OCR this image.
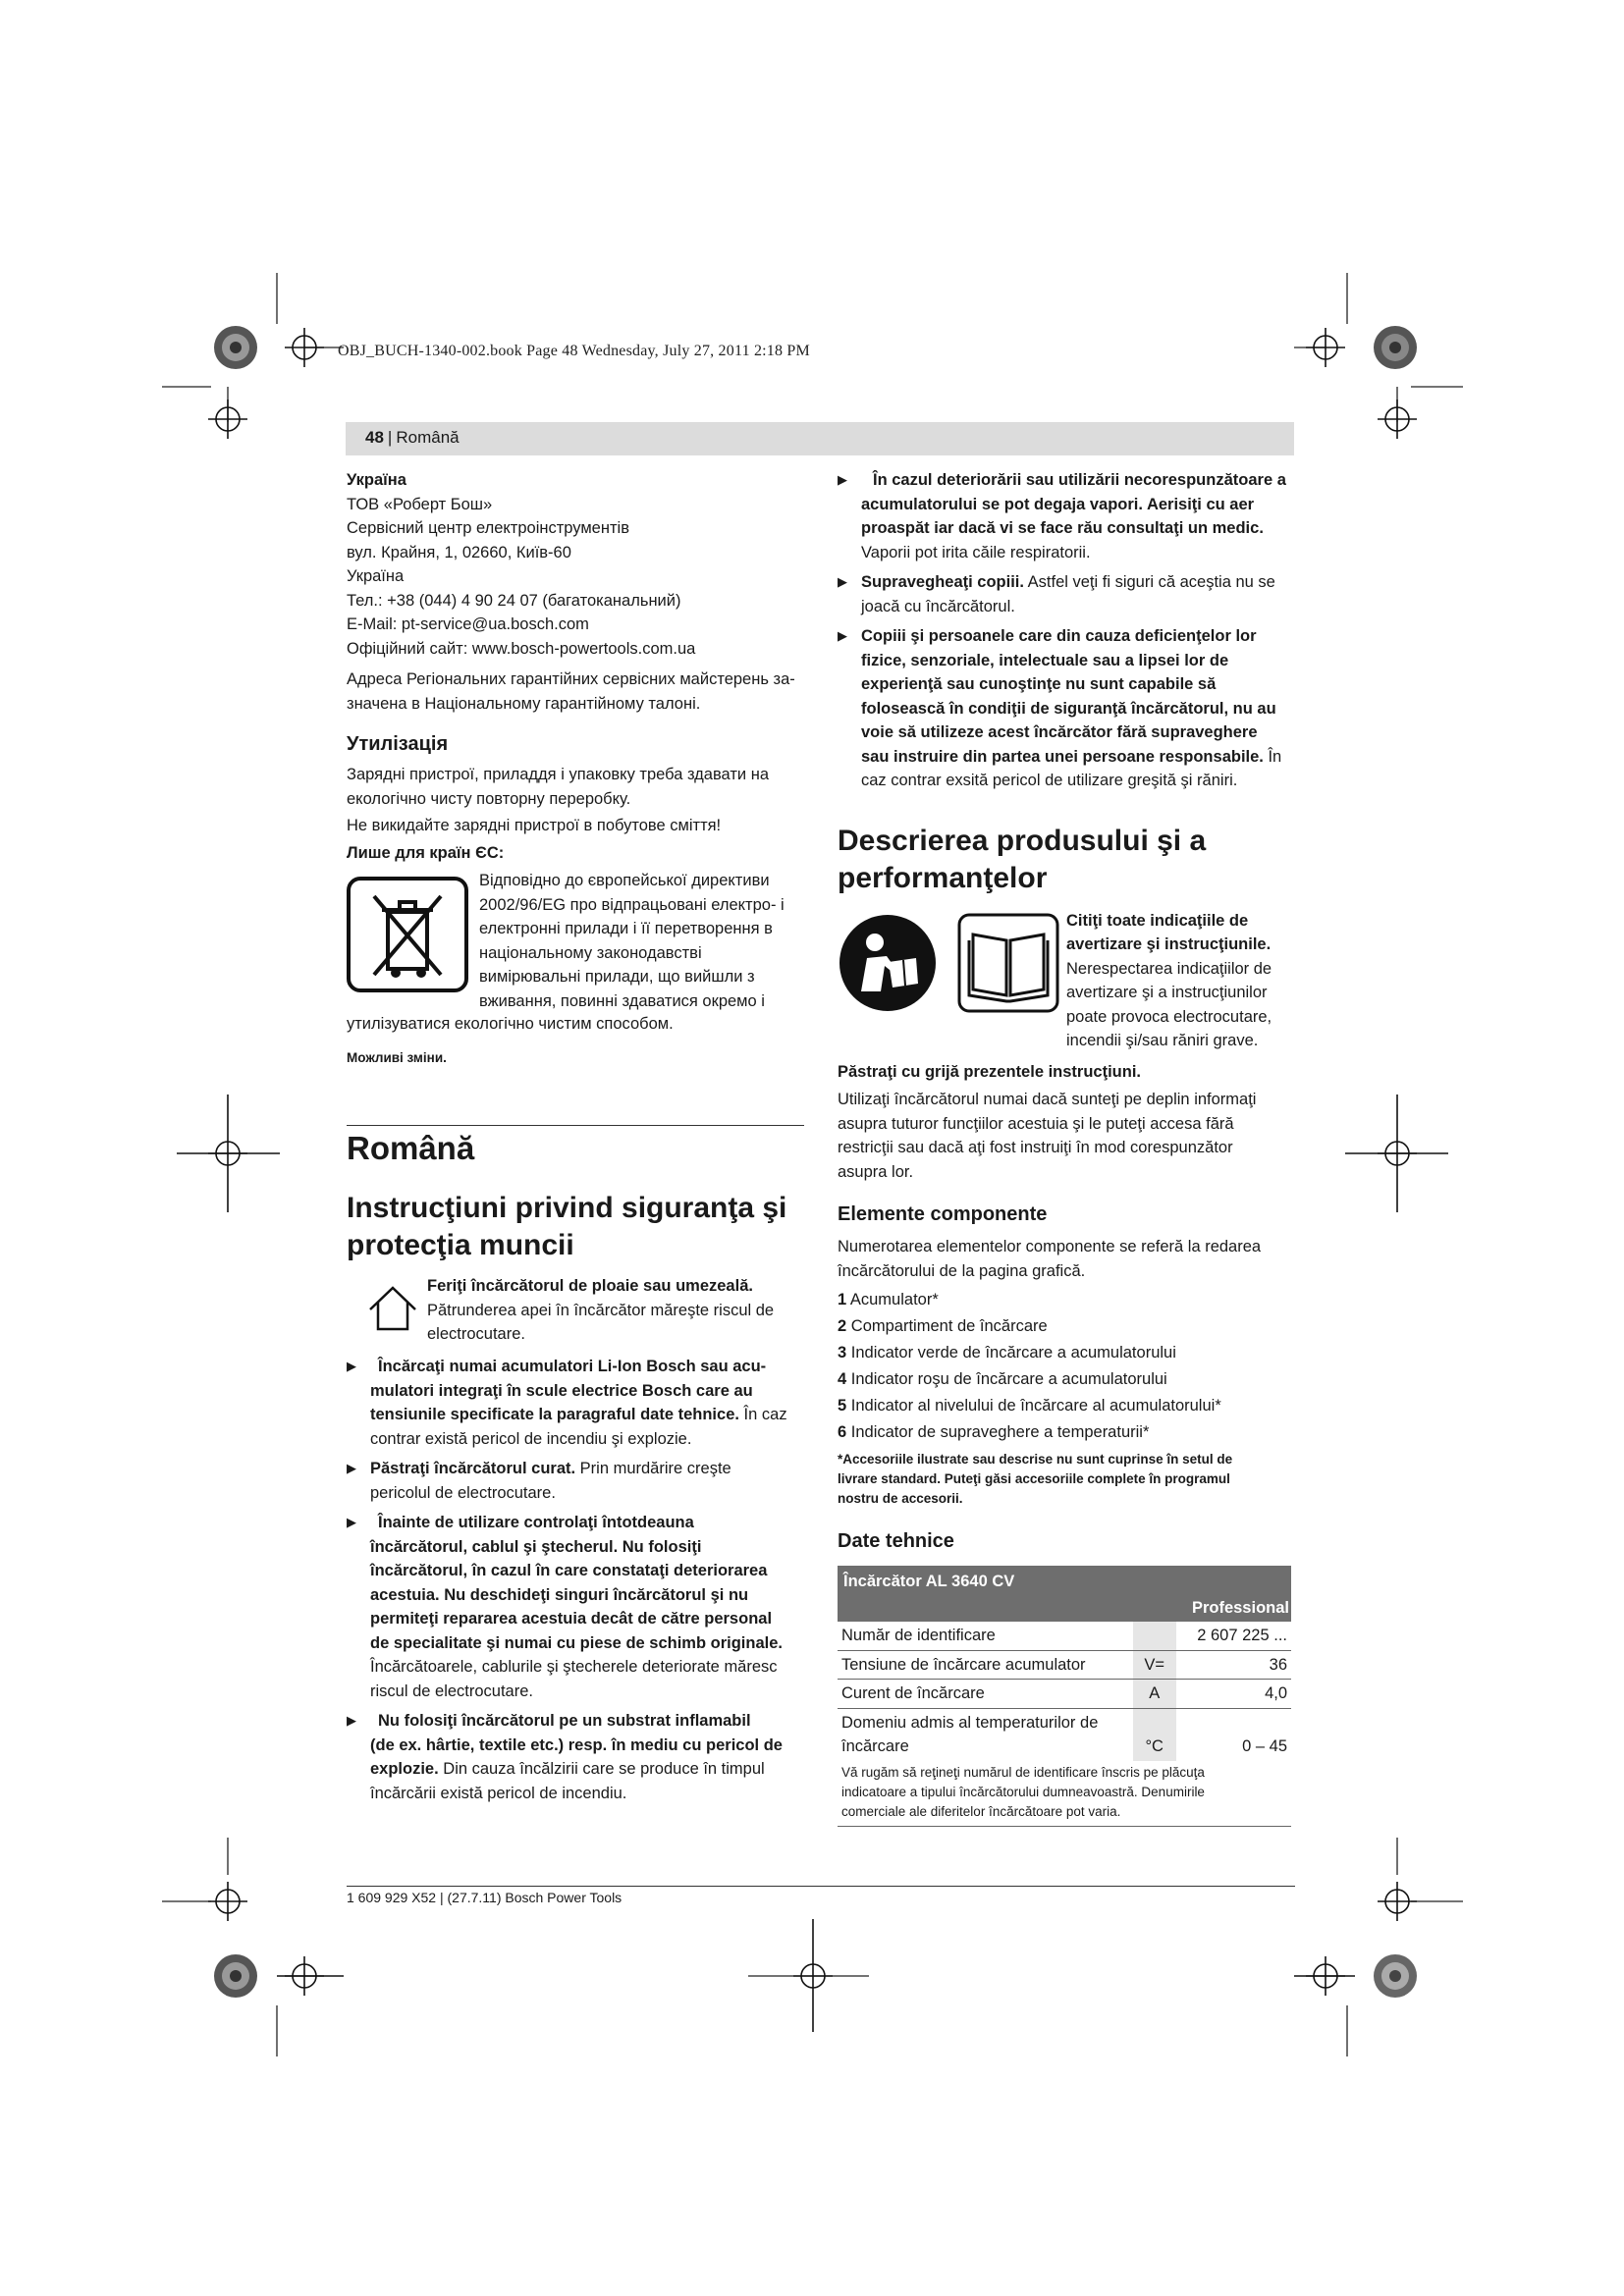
OBJ_BUCH-1340-002.book Page 48 Wednesday, July 27, 2011 2:18 PM
48 | Română

Україна

ТОВ «Роберт Бош»

Сервісний центр електроінструментів

вул. Крайня, 1, 02660, Київ-60

Україна

Тел.: +38 (044) 4 90 24 07 (багатоканальний)

E-Mail: pt-service@ua.bosch.com

Офіційний сайт: www.bosch-powertools.com.ua

Адреса Регіональних гарантійних сервісних майстерень за-

значена в Національному гарантійному талоні.

Утилізація

Зарядні пристрої, приладдя і упаковку треба здавати на

екологічно чисту повторну переробку.

Не викидайте зарядні пристрої в побутове сміття!

Лише для країн ЄС:

Відповідно до європейської директиви

2002/96/EG про відпрацьовані електро- і

електронні прилади і її перетворення в

національному законодавстві

вимірювальні прилади, що вийшли з

вживання, повинні здаватися окремо і

утилізуватися екологічно чистим способом.

Можливі зміни.

Română
Instrucţiuni privind siguranţa şi
protecţia muncii

Feriţi încărcătorul de ploaie sau umezeală.

Pătrunderea apei în încărcător măreşte riscul de

electrocutare.

▶	Încărcaţi numai acumulatori Li-Ion Bosch sau acu-

mulatori integraţi în scule electrice Bosch care au

tensiunile specificate la paragraful date tehnice. În caz

contrar există pericol de incendiu şi explozie.

▶ Păstraţi încărcătorul curat. Prin murdărire creşte

pericolul de electrocutare.

▶	Înainte de utilizare controlaţi întotdeauna

încărcătorul, cablul şi ştecherul. Nu folosiţi

încărcătorul, în cazul în care constataţi deteriorarea

acestuia. Nu deschideţi singuri încărcătorul şi nu

permiteţi repararea acestuia decât de către personal

de specialitate şi numai cu piese de schimb originale.

Încărcătoarele, cablurile şi ştecherele deteriorate măresc

riscul de electrocutare.

▶	Nu folosiţi încărcătorul pe un substrat inflamabil

(de ex. hârtie, textile etc.) resp. în mediu cu pericol de

explozie. Din cauza încălzirii care se produce în timpul

încărcării există pericol de incendiu.

▶	În cazul deteriorării sau utilizării necorespunzătoare a

acumulatorului se pot degaja vapori. Aerisiţi cu aer

proaspăt iar dacă vi se face rău consultaţi un medic.

Vaporii pot irita căile respiratorii.

▶ Supravegheaţi copiii. Astfel veţi fi siguri că aceştia nu se

joacă cu încărcătorul.

▶ Copiii şi persoanele care din cauza deficienţelor lor

fizice, senzoriale, intelectuale sau a lipsei lor de

experienţă sau cunoştinţe nu sunt capabile să

folosească în condiţii de siguranţă încărcătorul, nu au

voie să utilizeze acest încărcător fără supraveghere

sau instruire din partea unei persoane responsabile. În

caz contrar exsită pericol de utilizare greşită şi răniri.

Descrierea produsului şi a
performanţelor

Citiţi toate indicaţiile de

avertizare şi instrucţiunile.

Nerespectarea indicaţiilor de

avertizare şi a instrucţiunilor

poate provoca electrocutare,

incendii şi/sau răniri grave.

Păstraţi cu grijă prezentele instrucţiuni.

Utilizaţi încărcătorul numai dacă sunteţi pe deplin informaţi

asupra tuturor funcţiilor acestuia şi le puteţi accesa fără

restricţii sau dacă aţi fost instruiţi în mod corespunzător

asupra lor.

Elemente componente

Numerotarea elementelor componente se referă la redarea

încărcătorului de la pagina grafică.

1 Acumulator*

2 Compartiment de încărcare

3 Indicator verde de încărcare a acumulatorului

4 Indicator roşu de încărcare a acumulatorului

5 Indicator al nivelului de încărcare al acumulatorului*

6 Indicator de supraveghere a temperaturii*

*Accesoriile ilustrate sau descrise nu sunt cuprinse în setul de

livrare standard. Puteţi găsi accesoriile complete în programul

nostru de accesorii.

Date tehnice

Încărcător AL 3640 CV		
		Professional
Număr de identificare		2 607 225 ...
Tensiune de încărcare acumulator	V=	36
Curent de încărcare	A	4,0

Domeniu admis al temperaturilor de
încărcare	°C	0 – 45

Vă rugăm să reţineţi numărul de identificare înscris pe plăcuţa
indicatoare a tipului încărcătorului dumneavoastră. Denumirile
comerciale ale diferitelor încărcătoare pot varia.		
1 609 929 X52 | (27.7.11) Bosch Power Tools
